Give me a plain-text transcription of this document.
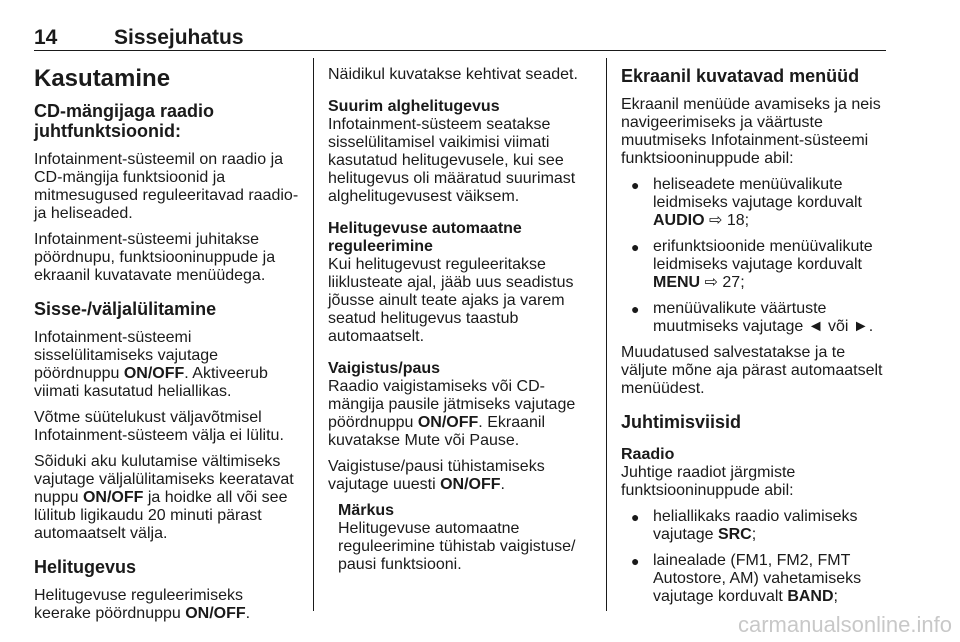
14	Sissejuhatus
Kasutamine
CD-mängijaga raadio juhtfunktsioonid:

Infotainment-süsteemil on raadio ja CD-mängija funktsioonid ja mitmesugused reguleeritavad raadio- ja heliseaded.

Infotainment-süsteemi juhitakse pöördnupu, funktsiooninuppude ja ekraanil kuvatavate menüüdega.

Sisse-/väljalülitamine

Infotainment-süsteemi sisselülitamiseks vajutage pöördnuppu ON/OFF. Aktiveerub viimati kasutatud heliallikas.

Võtme süütelukust väljavõtmisel Infotainment-süsteem välja ei lülitu.

Sõiduki aku kulutamise vältimiseks vajutage väljalülitamiseks keeratavat nuppu ON/OFF ja hoidke all või see lülitub ligikaudu 20 minuti pärast automaatselt välja.

Helitugevus

Helitugevuse reguleerimiseks keerake pöördnuppu ON/OFF.

Näidikul kuvatakse kehtivat seadet.

Suurim alghelitugevus
Infotainment-süsteem seatakse sisselülitamisel vaikimisi viimati kasutatud helitugevusele, kui see helitugevus oli määratud suurimast alghelitugevusest väiksem.

Helitugevuse automaatne reguleerimine
Kui helitugevust reguleeritakse liiklusteate ajal, jääb uus seadistus jõusse ainult teate ajaks ja varem seatud helitugevus taastub automaatselt.

Vaigistus/paus
Raadio vaigistamiseks või CD-mängija pausile jätmiseks vajutage pöördnuppu ON/OFF. Ekraanil kuvatakse Mute või Pause.

Vaigistuse/pausi tühistamiseks vajutage uuesti ON/OFF.

Märkus
Helitugevuse automaatne reguleerimine tühistab vaigistuse/ pausi funktsiooni.
Ekraanil kuvatavad menüüd

Ekraanil menüüde avamiseks ja neis navigeerimiseks ja väärtuste muutmiseks Infotainment-süsteemi funktsiooninuppude abil:

● heliseadete menüüvalikute leidmiseks vajutage korduvalt AUDIO ⇨ 18;
● erifunktsioonide menüüvalikute leidmiseks vajutage korduvalt MENU ⇨ 27;
● menüüvalikute väärtuste muutmiseks vajutage ◄ või ►.

Muudatused salvestatakse ja te väljute mõne aja pärast automaatselt menüüdest.

Juhtimisviisid

Raadio
Juhtige raadiot järgmiste funktsiooninuppude abil:

● heliallikaks raadio valimiseks vajutage SRC;
● lainealade (FM1, FM2, FMT Autostore, AM) vahetamiseks vajutage korduvalt BAND;
carmanualsonline.info
